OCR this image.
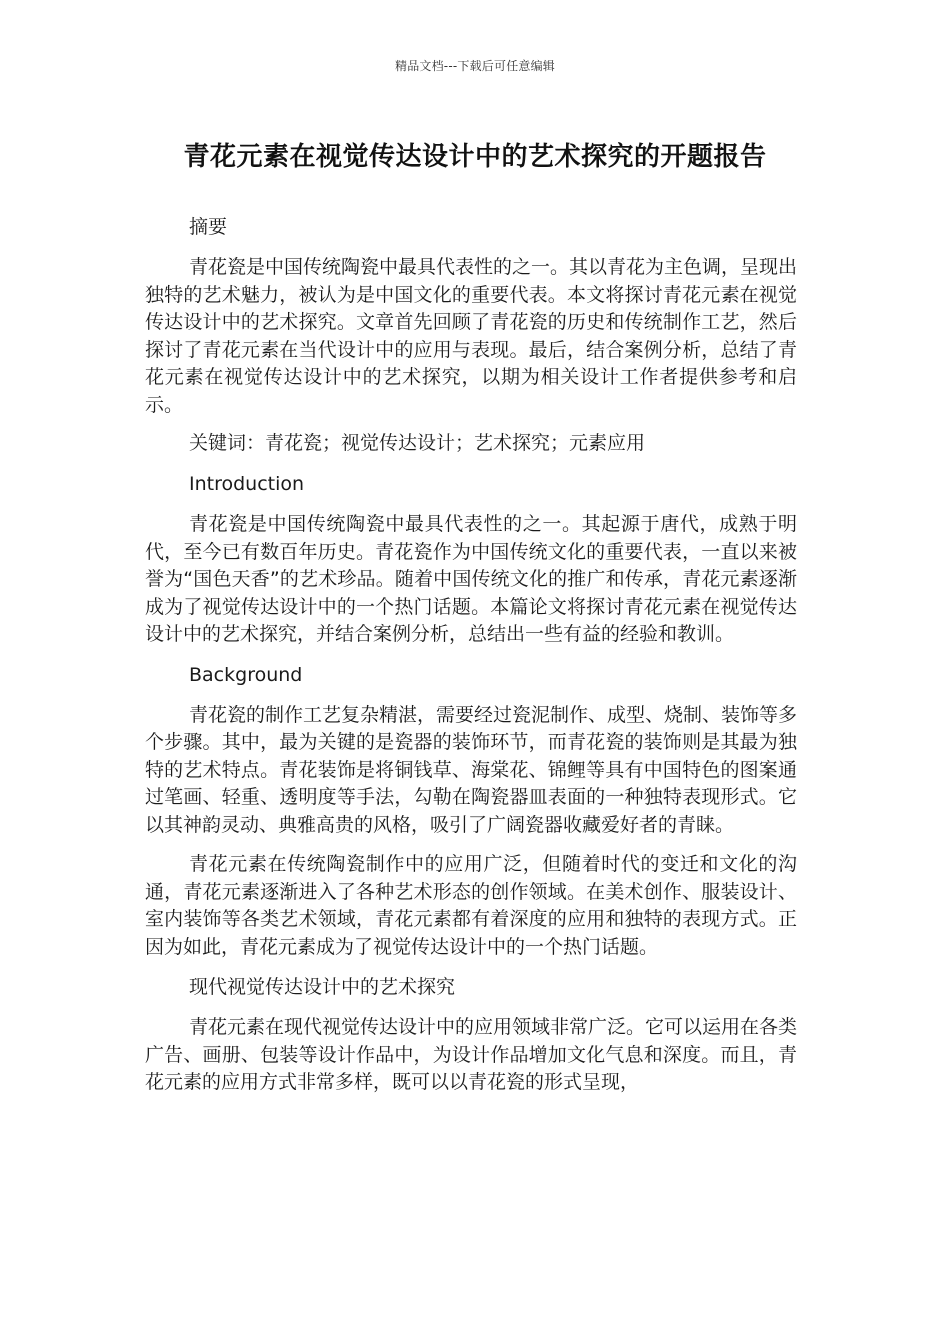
精品文档---下载后可任意编辑
青花元素在视觉传达设计中的艺术探究的开题报告

摘要

青花瓷是中国传统陶瓷中最具代表性的之一。其以青花为主色调，呈现出独特的艺术魅力，被认为是中国文化的重要代表。本文将探讨青花元素在视觉传达设计中的艺术探究。文章首先回顾了青花瓷的历史和传统制作工艺，然后探讨了青花元素在当代设计中的应用与表现。最后，结合案例分析，总结了青花元素在视觉传达设计中的艺术探究，以期为相关设计工作者提供参考和启示。

关键词：青花瓷；视觉传达设计；艺术探究；元素应用

Introduction

青花瓷是中国传统陶瓷中最具代表性的之一。其起源于唐代，成熟于明代，至今已有数百年历史。青花瓷作为中国传统文化的重要代表，一直以来被誉为“国色天香”的艺术珍品。随着中国传统文化的推广和传承，青花元素逐渐成为了视觉传达设计中的一个热门话题。本篇论文将探讨青花元素在视觉传达设计中的艺术探究，并结合案例分析，总结出一些有益的经验和教训。

Background

青花瓷的制作工艺复杂精湛，需要经过瓷泥制作、成型、烧制、装饰等多个步骤。其中，最为关键的是瓷器的装饰环节，而青花瓷的装饰则是其最为独特的艺术特点。青花装饰是将铜钱草、海棠花、锦鲤等具有中国特色的图案通过笔画、轻重、透明度等手法，勾勒在陶瓷器皿表面的一种独特表现形式。它以其神韵灵动、典雅高贵的风格，吸引了广阔瓷器收藏爱好者的青睐。

青花元素在传统陶瓷制作中的应用广泛，但随着时代的变迁和文化的沟通，青花元素逐渐进入了各种艺术形态的创作领域。在美术创作、服装设计、室内装饰等各类艺术领域，青花元素都有着深度的应用和独特的表现方式。正因为如此，青花元素成为了视觉传达设计中的一个热门话题。

现代视觉传达设计中的艺术探究

青花元素在现代视觉传达设计中的应用领域非常广泛。它可以运用在各类广告、画册、包装等设计作品中，为设计作品增加文化气息和深度。而且，青花元素的应用方式非常多样，既可以以青花瓷的形式呈现，
